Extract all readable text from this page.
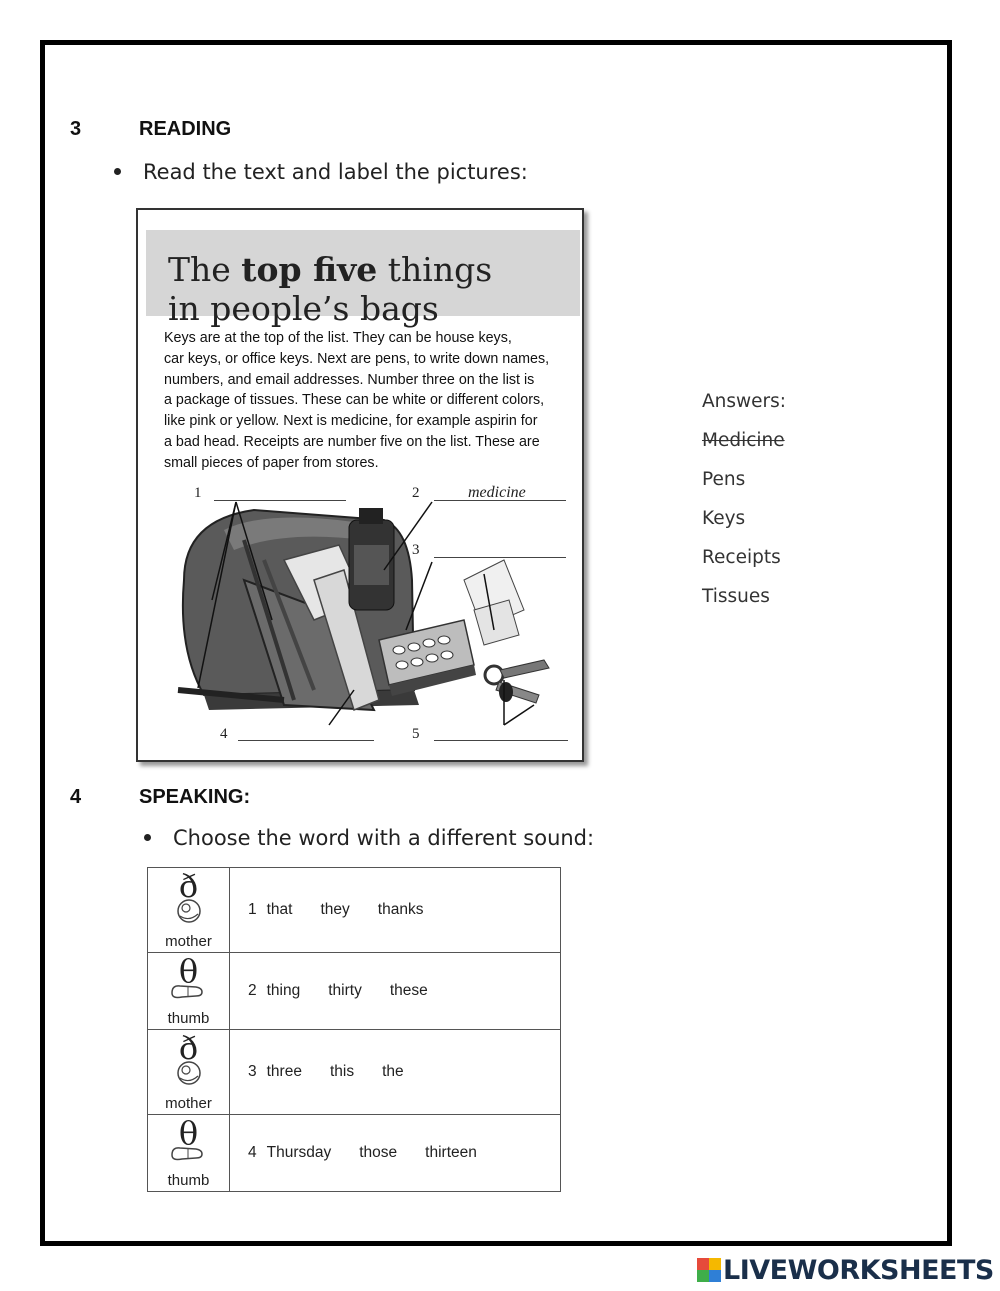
3	READING
Read the text and label the pictures:
The top five things
in people’s bags
Keys are at the top of the list. They can be house keys,
car keys, or office keys. Next are pens, to write down names,
numbers, and email addresses. Number three on the list is
a package of tissues. These can be white or different colors,
like pink or yellow. Next is medicine, for example aspirin for
a bad head. Receipts are number five on the list. These are
small pieces of paper from stores.
1	2	medicine
3
4	5
Answers:
Medicine
Pens
Keys
Receipts
Tissues
4	SPEAKING:
Choose the word with a different sound:
ð
mother	1 that they thanks

θ
thumb	2 thing thirty these

ð
mother	3 three this the

θ
thumb	4 Thursday those thirteen
LIVEWORKSHEETS
